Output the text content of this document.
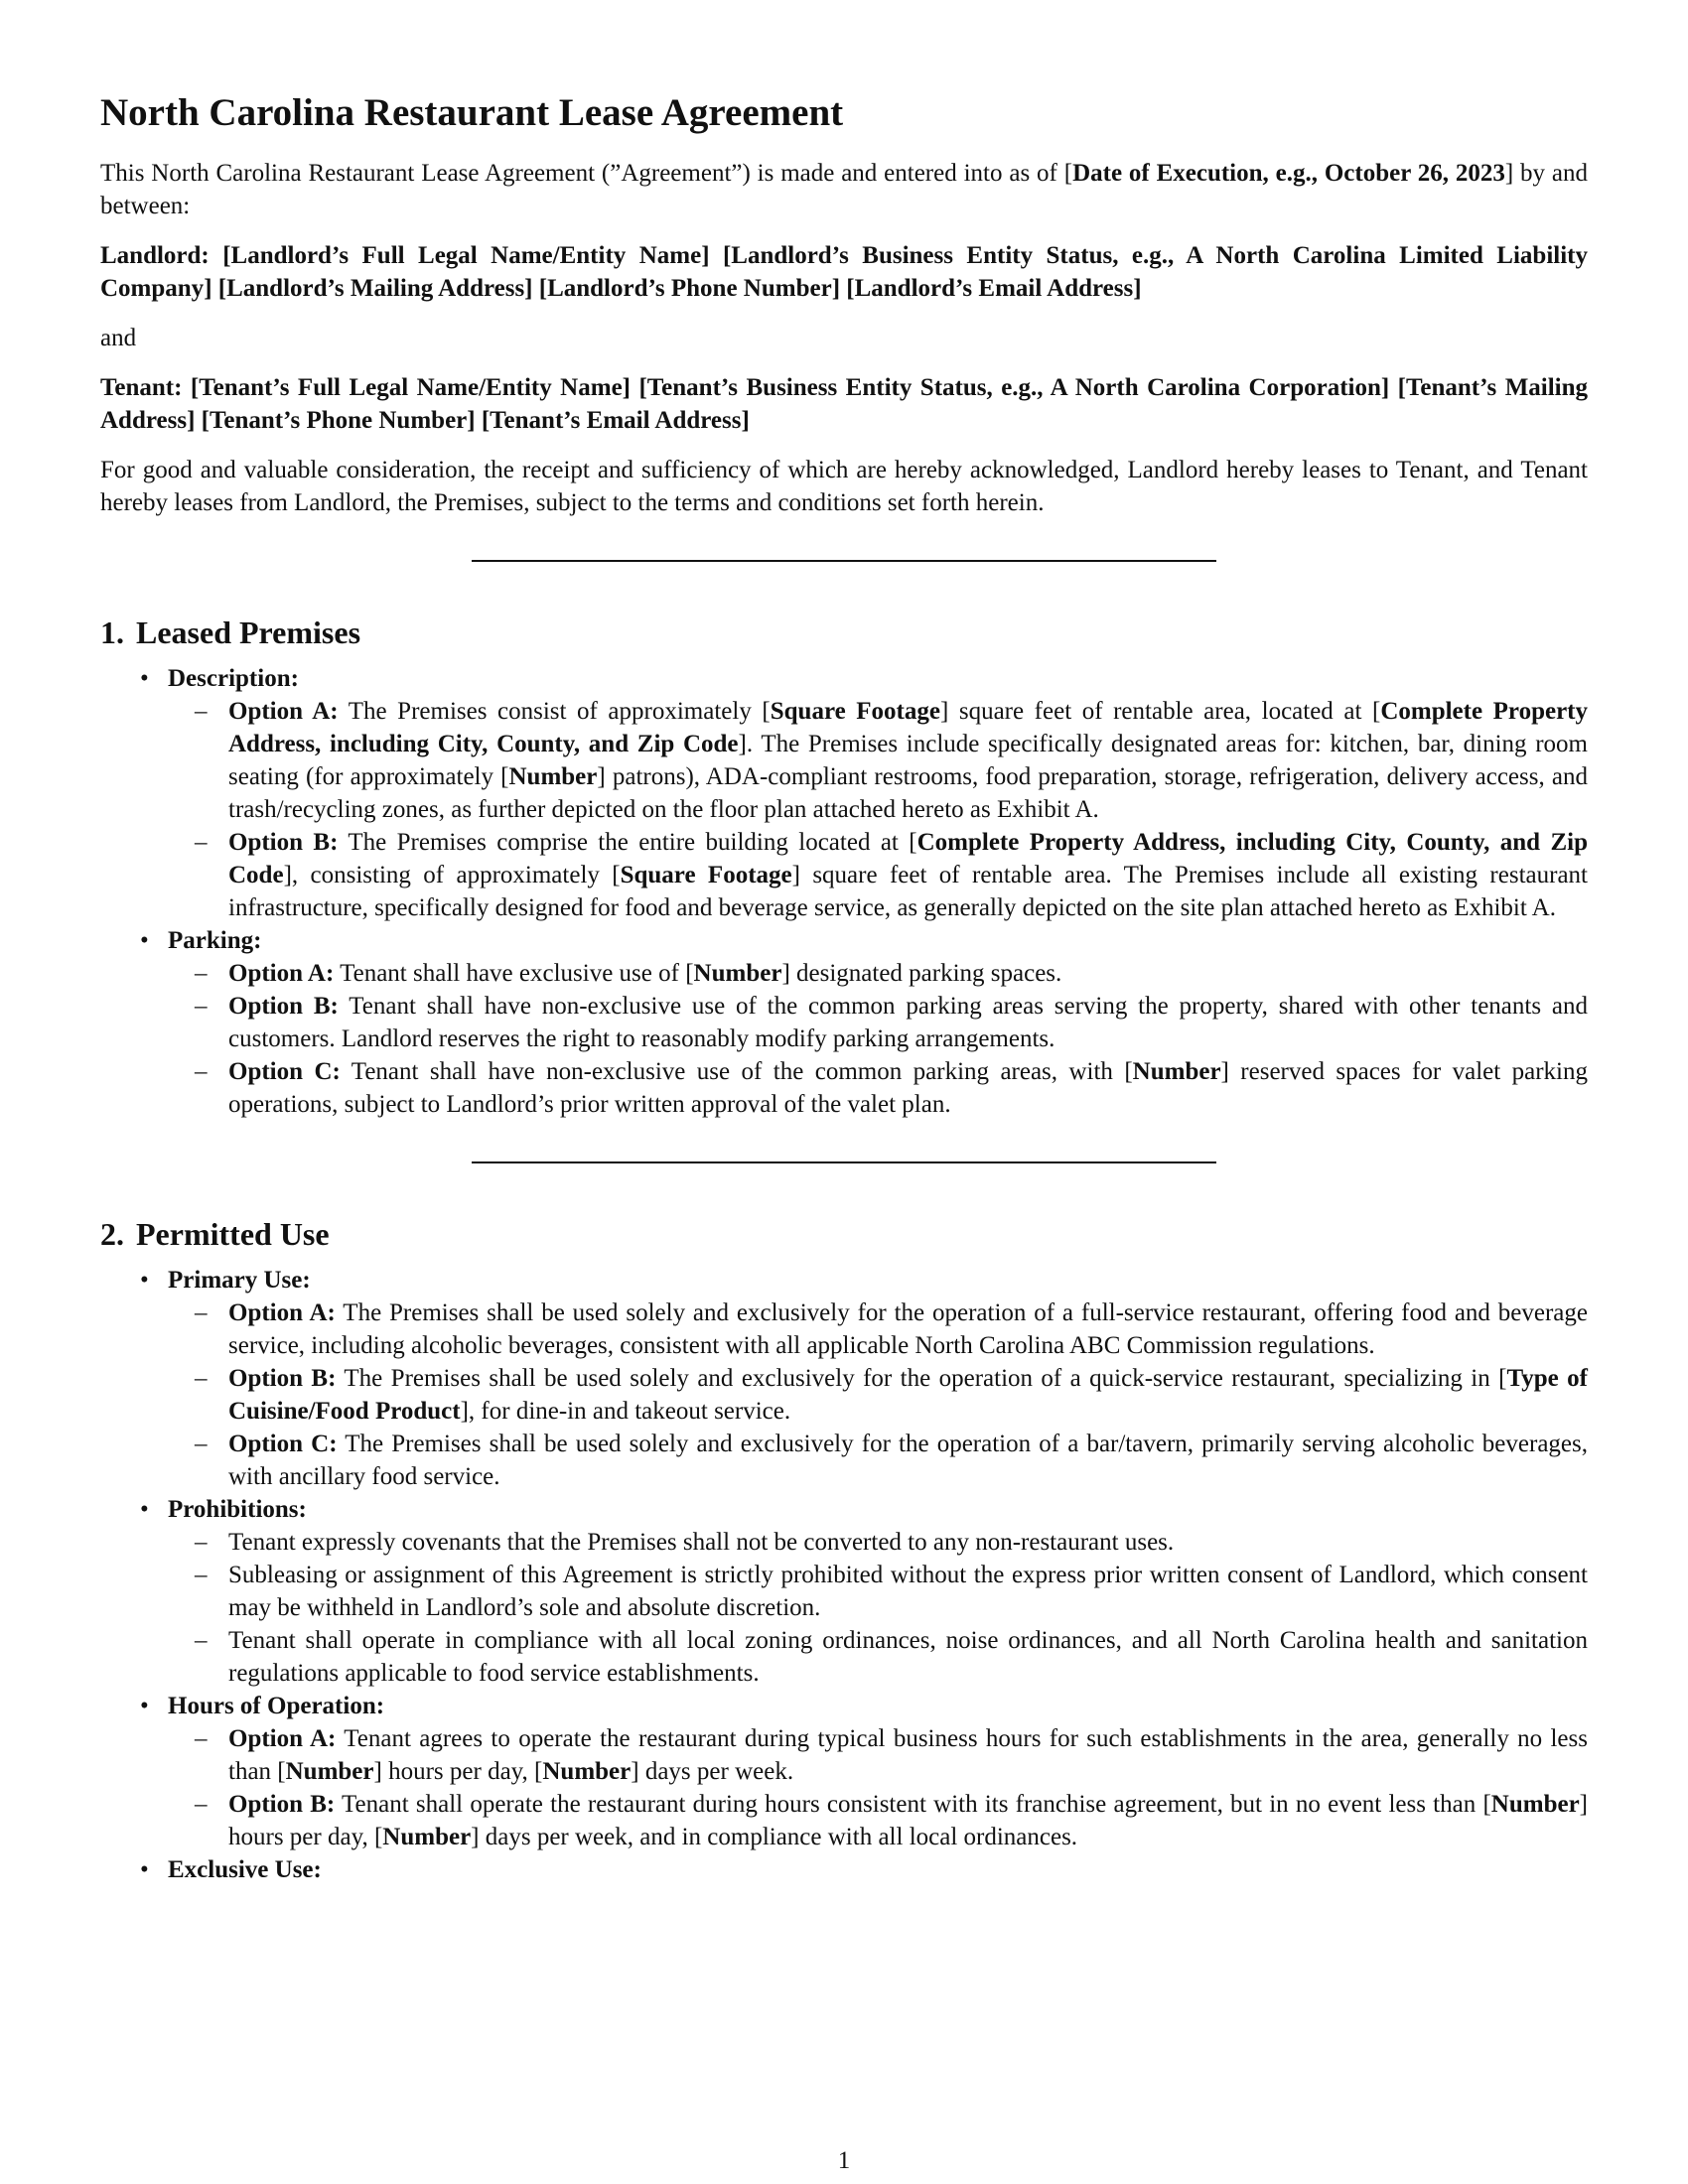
North Carolina Restaurant Lease Agreement

This North Carolina Restaurant Lease Agreement (”Agreement”) is made and entered into as of [Date of Execution, e.g., October 26, 2023] by and between:

Landlord: [Landlord’s Full Legal Name/Entity Name] [Landlord’s Business Entity Status, e.g., A North Carolina Limited Liability Company] [Landlord’s Mailing Address] [Landlord’s Phone Number] [Landlord’s Email Address]

and

Tenant: [Tenant’s Full Legal Name/Entity Name] [Tenant’s Business Entity Status, e.g., A North Carolina Corporation] [Tenant’s Mailing Address] [Tenant’s Phone Number] [Tenant’s Email Address]

For good and valuable consideration, the receipt and sufficiency of which are hereby acknowledged, Landlord hereby leases to Tenant, and Tenant hereby leases from Landlord, the Premises, subject to the terms and conditions set forth herein.

1. Leased Premises
• Description:
– Option A: The Premises consist of approximately [Square Footage] square feet of rentable area, located at [Complete Property Address, including City, County, and Zip Code]. The Premises include specifically designated areas for: kitchen, bar, dining room seating (for approximately [Number] patrons), ADA-compliant restrooms, food preparation, storage, refrigeration, delivery access, and trash/recycling zones, as further depicted on the floor plan attached hereto as Exhibit A.
– Option B: The Premises comprise the entire building located at [Complete Property Address, including City, County, and Zip Code], consisting of approximately [Square Footage] square feet of rentable area. The Premises include all existing restaurant infrastructure, specifically designed for food and beverage service, as generally depicted on the site plan attached hereto as Exhibit A.
• Parking:
– Option A: Tenant shall have exclusive use of [Number] designated parking spaces.
– Option B: Tenant shall have non-exclusive use of the common parking areas serving the property, shared with other tenants and customers. Landlord reserves the right to reasonably modify parking arrangements.
– Option C: Tenant shall have non-exclusive use of the common parking areas, with [Number] reserved spaces for valet parking operations, subject to Landlord’s prior written approval of the valet plan.
2. Permitted Use
• Primary Use:
– Option A: The Premises shall be used solely and exclusively for the operation of a full-service restaurant, offering food and beverage service, including alcoholic beverages, consistent with all applicable North Carolina ABC Commission regulations.
– Option B: The Premises shall be used solely and exclusively for the operation of a quick-service restaurant, specializing in [Type of Cuisine/Food Product], for dine-in and takeout service.
– Option C: The Premises shall be used solely and exclusively for the operation of a bar/tavern, primarily serving alcoholic beverages, with ancillary food service.
• Prohibitions:
– Tenant expressly covenants that the Premises shall not be converted to any non-restaurant uses.
– Subleasing or assignment of this Agreement is strictly prohibited without the express prior written consent of Landlord, which consent may be withheld in Landlord’s sole and absolute discretion.
– Tenant shall operate in compliance with all local zoning ordinances, noise ordinances, and all North Carolina health and sanitation regulations applicable to food service establishments.
• Hours of Operation:
– Option A: Tenant agrees to operate the restaurant during typical business hours for such establishments in the area, generally no less than [Number] hours per day, [Number] days per week.
– Option B: Tenant shall operate the restaurant during hours consistent with its franchise agreement, but in no event less than [Number] hours per day, [Number] days per week, and in compliance with all local ordinances.
• Exclusive Use:
1
